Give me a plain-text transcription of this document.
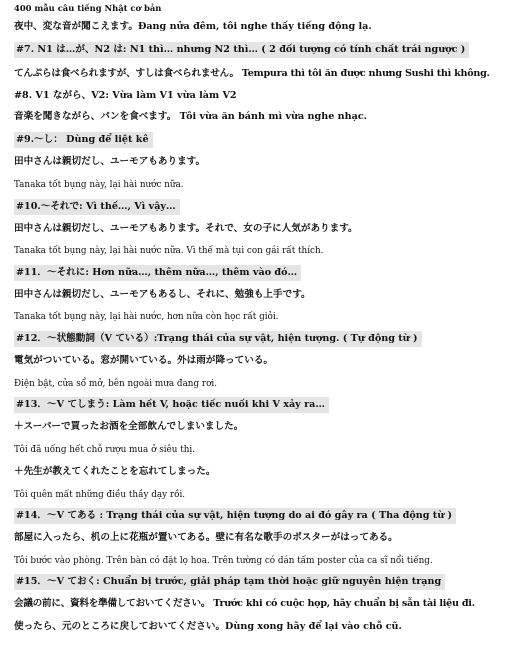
400 mẫu câu tiếng Nhật cơ bản
夜中、変な音が聞こえます。Đang nửa đêm, tôi nghe thấy tiếng động lạ.
#7. N1 は…が、N2 は: N1 thì… nhưng N2 thì… ( 2 đối tượng có tính chất trái ngược )
てんぷらは食べられますが、すしは食べられません。 Tempura thì tôi ăn được nhưng Sushi thì không.
#8. V1 ながら、V2: Vừa làm V1 vừa làm V2
音楽を聞きながら、パンを食べます。 Tôi vừa ăn bánh mì vừa nghe nhạc.
#9.～し： Dùng để liệt kê
田中さんは親切だし、ユーモアもあります。
Tanaka tốt bụng này, lại hài nước nữa.
#10.～それで: Vì thế…, Vì vậy…
田中さんは親切だし、ユーモアもあります。それで、女の子に人気があります。
Tanaka tốt bụng này, lại hài nước nữa. Vì thế mà tụi con gái rất thích.
#11．～それに: Hơn nữa…, thêm nữa…, thêm vào đó…
田中さんは親切だし、ユーモアもあるし、それに、勉強も上手です。
Tanaka tốt bụng này, lại hài nước, hơn nữa còn học rất giỏi.
#12．～状態動詞（V ている）:Trạng thái của sự vật, hiện tượng. ( Tự động từ )
電気がついている。窓が開いている。外は雨が降っている。
Điện bật, cửa sổ mở, bên ngoài mưa đang rơi.
#13．～V てしまう: Làm hết V, hoặc tiếc nuối khi V xảy ra…
＋スーパーで買ったお酒を全部飲んでしまいました。
Tôi đã uống hết chỗ rượu mua ở siêu thị.
＋先生が教えてくれたことを忘れてしまった。
Tôi quên mất những điều thầy dạy rồi.
#14．～V てある : Trạng thái của sự vật, hiện tượng do ai đó gây ra ( Tha động từ )
部屋に入ったら、机の上に花瓶が置いてある。壁に有名な歌手のポスターがはってある。
Tôi bước vào phòng. Trên bàn có đặt lọ hoa. Trên tường có dán tấm poster của ca sĩ nổi tiếng.
#15．～V ておく: Chuẩn bị trước, giải pháp tạm thời hoặc giữ nguyên hiện trạng
会議の前に、資料を準備しておいてください。 Trước khi có cuộc họp, hãy chuẩn bị sẵn tài liệu đi.
使ったら、元のところに戻しておいてください。Dùng xong hãy để lại vào chỗ cũ.
